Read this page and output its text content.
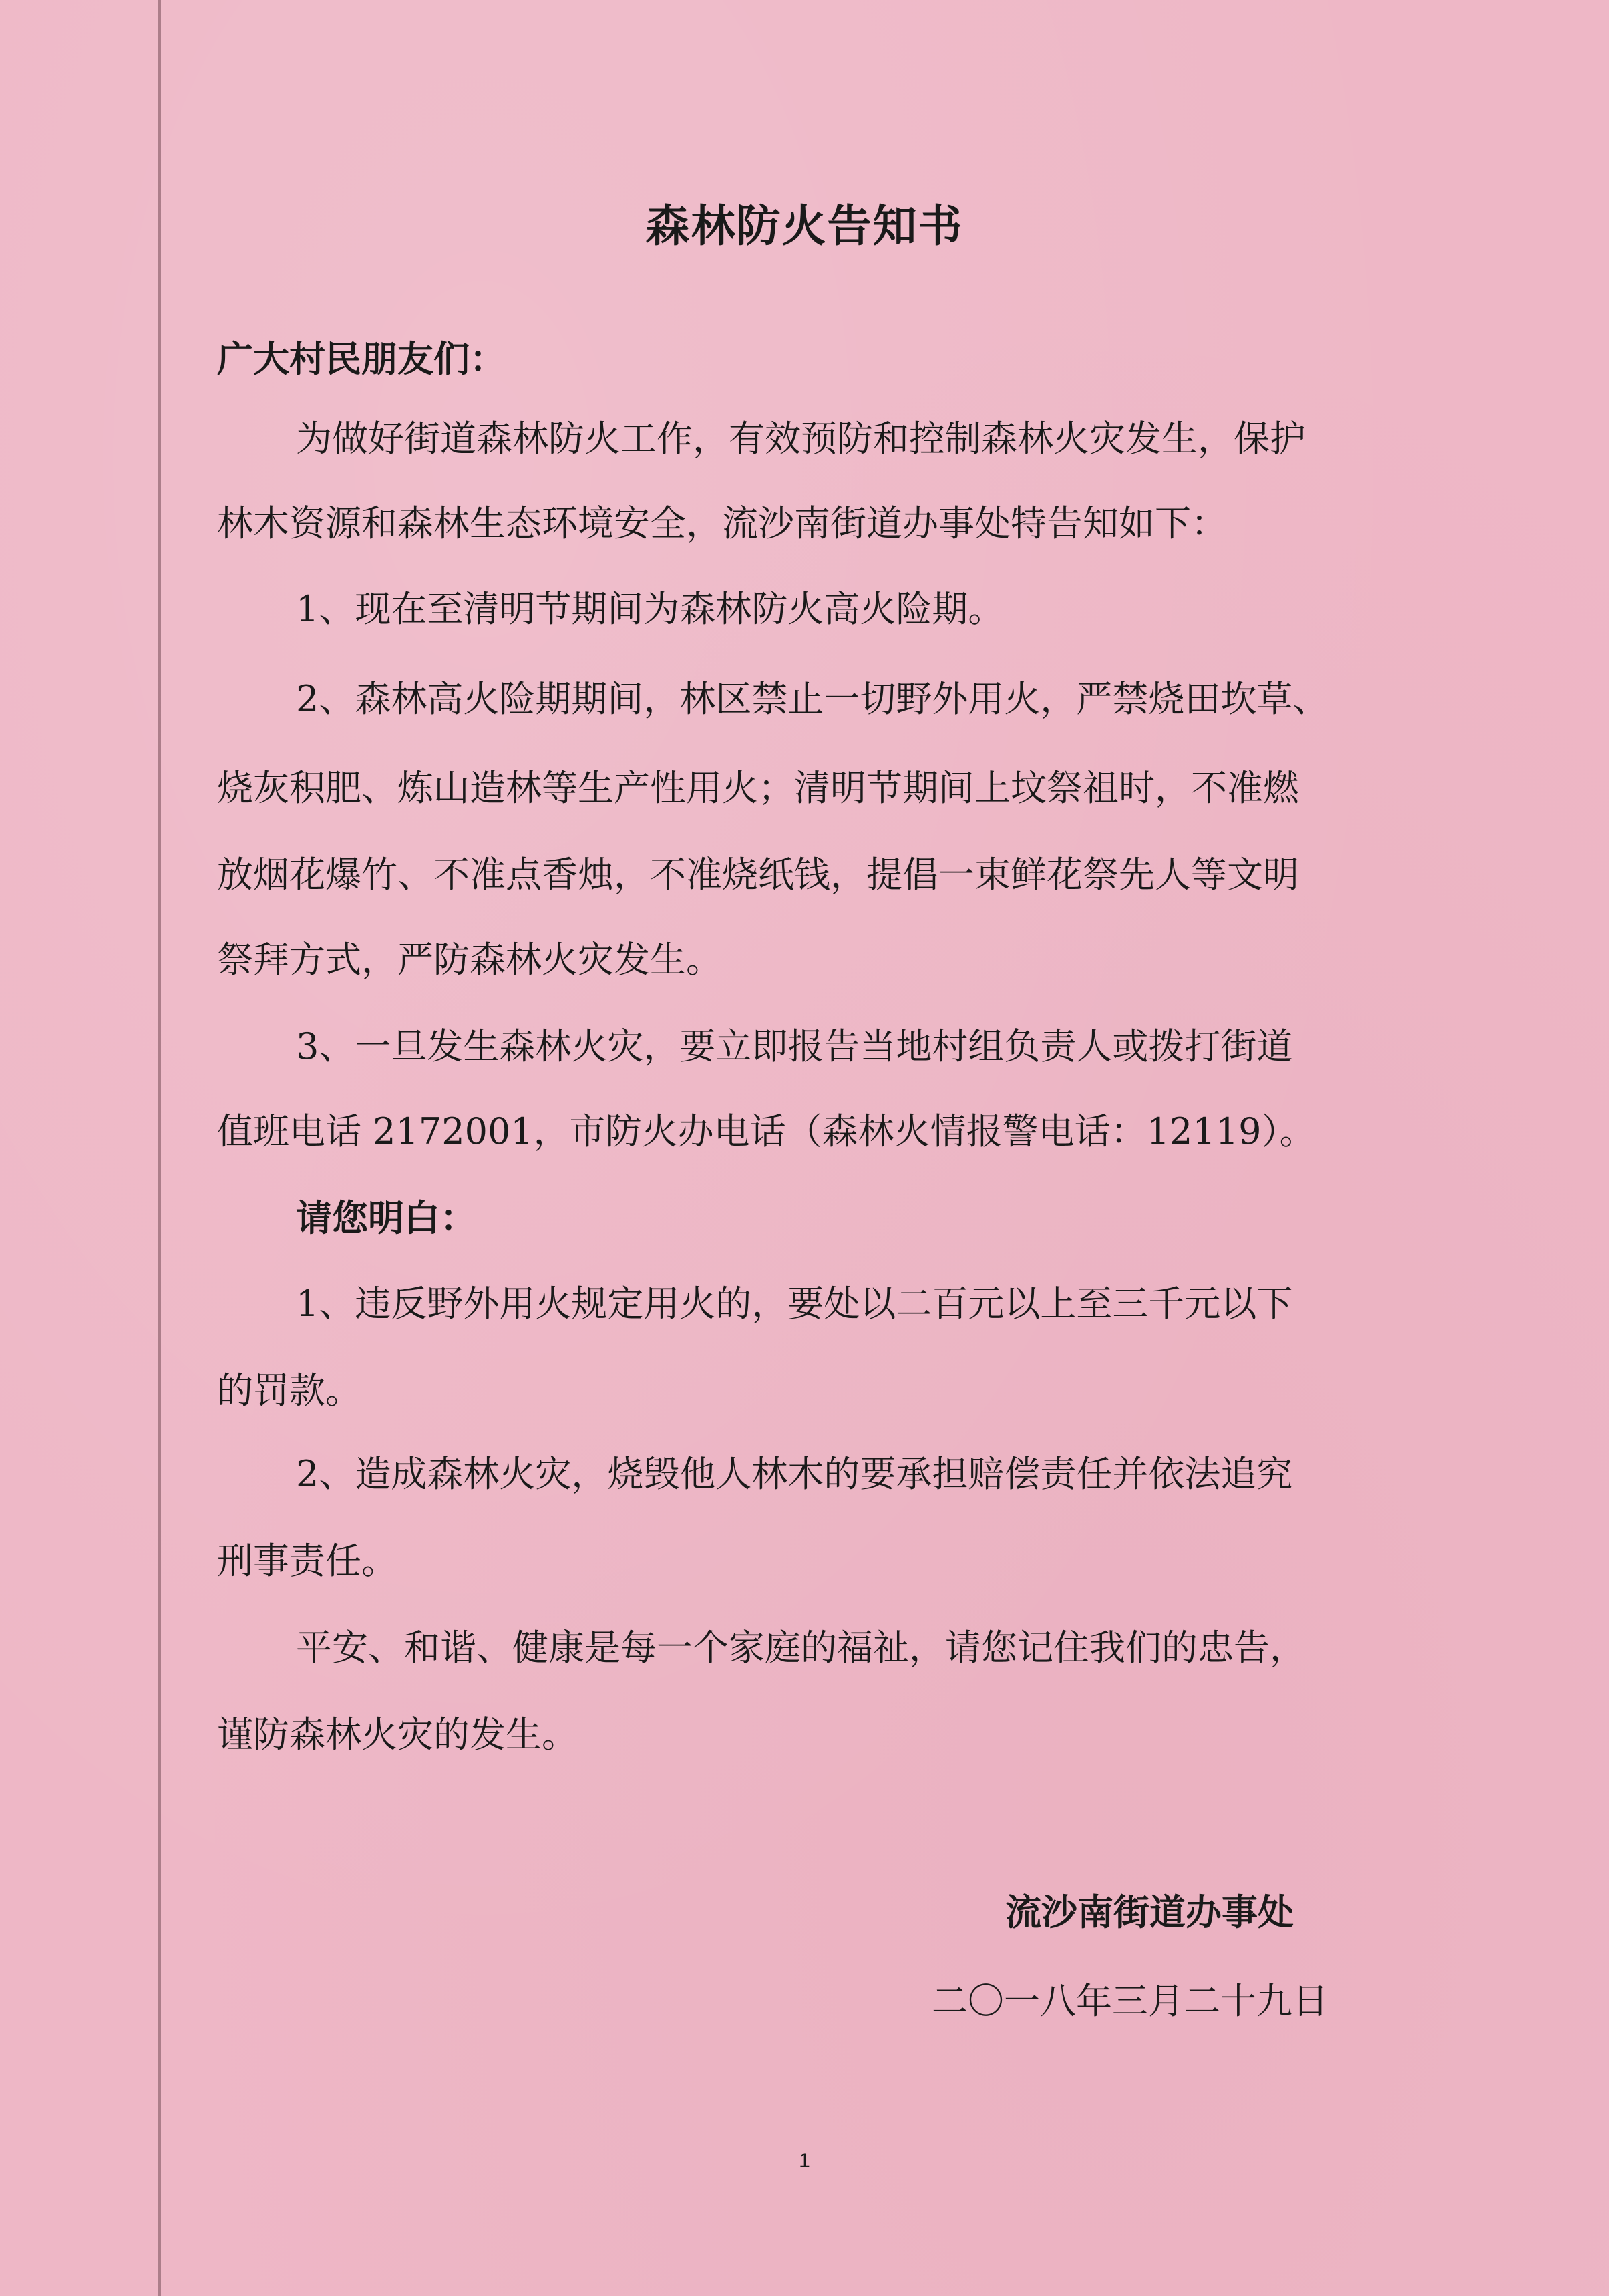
森林防火告知书

广大村民朋友们：

为做好街道森林防火工作，有效预防和控制森林火灾发生，保护

林木资源和森林生态环境安全，流沙南街道办事处特告知如下：

1、现在至清明节期间为森林防火高火险期。

2、森林高火险期期间，林区禁止一切野外用火，严禁烧田坎草、

烧灰积肥、炼山造林等生产性用火；清明节期间上坟祭祖时，不准燃

放烟花爆竹、不准点香烛，不准烧纸钱，提倡一束鲜花祭先人等文明

祭拜方式，严防森林火灾发生。

3、一旦发生森林火灾，要立即报告当地村组负责人或拨打街道

值班电话 2172001，市防火办电话（森林火情报警电话：12119）。

请您明白：

1、违反野外用火规定用火的，要处以二百元以上至三千元以下

的罚款。

2、造成森林火灾，烧毁他人林木的要承担赔偿责任并依法追究

刑事责任。

平安、和谐、健康是每一个家庭的福祉，请您记住我们的忠告，

谨防森林火灾的发生。

流沙南街道办事处

二〇一八年三月二十九日

1
